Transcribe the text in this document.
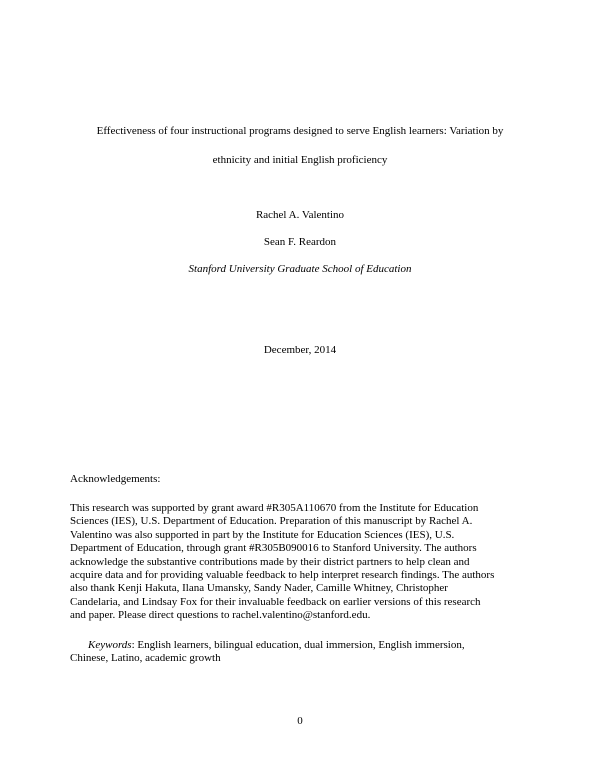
Effectiveness of four instructional programs designed to serve English learners: Variation by
ethnicity and initial English proficiency
Rachel A. Valentino
Sean F. Reardon
Stanford University Graduate School of Education
December, 2014
Acknowledgements:
This research was supported by grant award #R305A110670 from the Institute for Education
Sciences (IES), U.S. Department of Education. Preparation of this manuscript by Rachel A.
Valentino was also supported in part by the Institute for Education Sciences (IES), U.S.
Department of Education, through grant #R305B090016 to Stanford University. The authors
acknowledge the substantive contributions made by their district partners to help clean and
acquire data and for providing valuable feedback to help interpret research findings. The authors
also thank Kenji Hakuta, Ilana Umansky, Sandy Nader, Camille Whitney, Christopher
Candelaria, and Lindsay Fox for their invaluable feedback on earlier versions of this research
and paper. Please direct questions to rachel.valentino@stanford.edu.
Keywords: English learners, bilingual education, dual immersion, English immersion,
Chinese, Latino, academic growth
0
